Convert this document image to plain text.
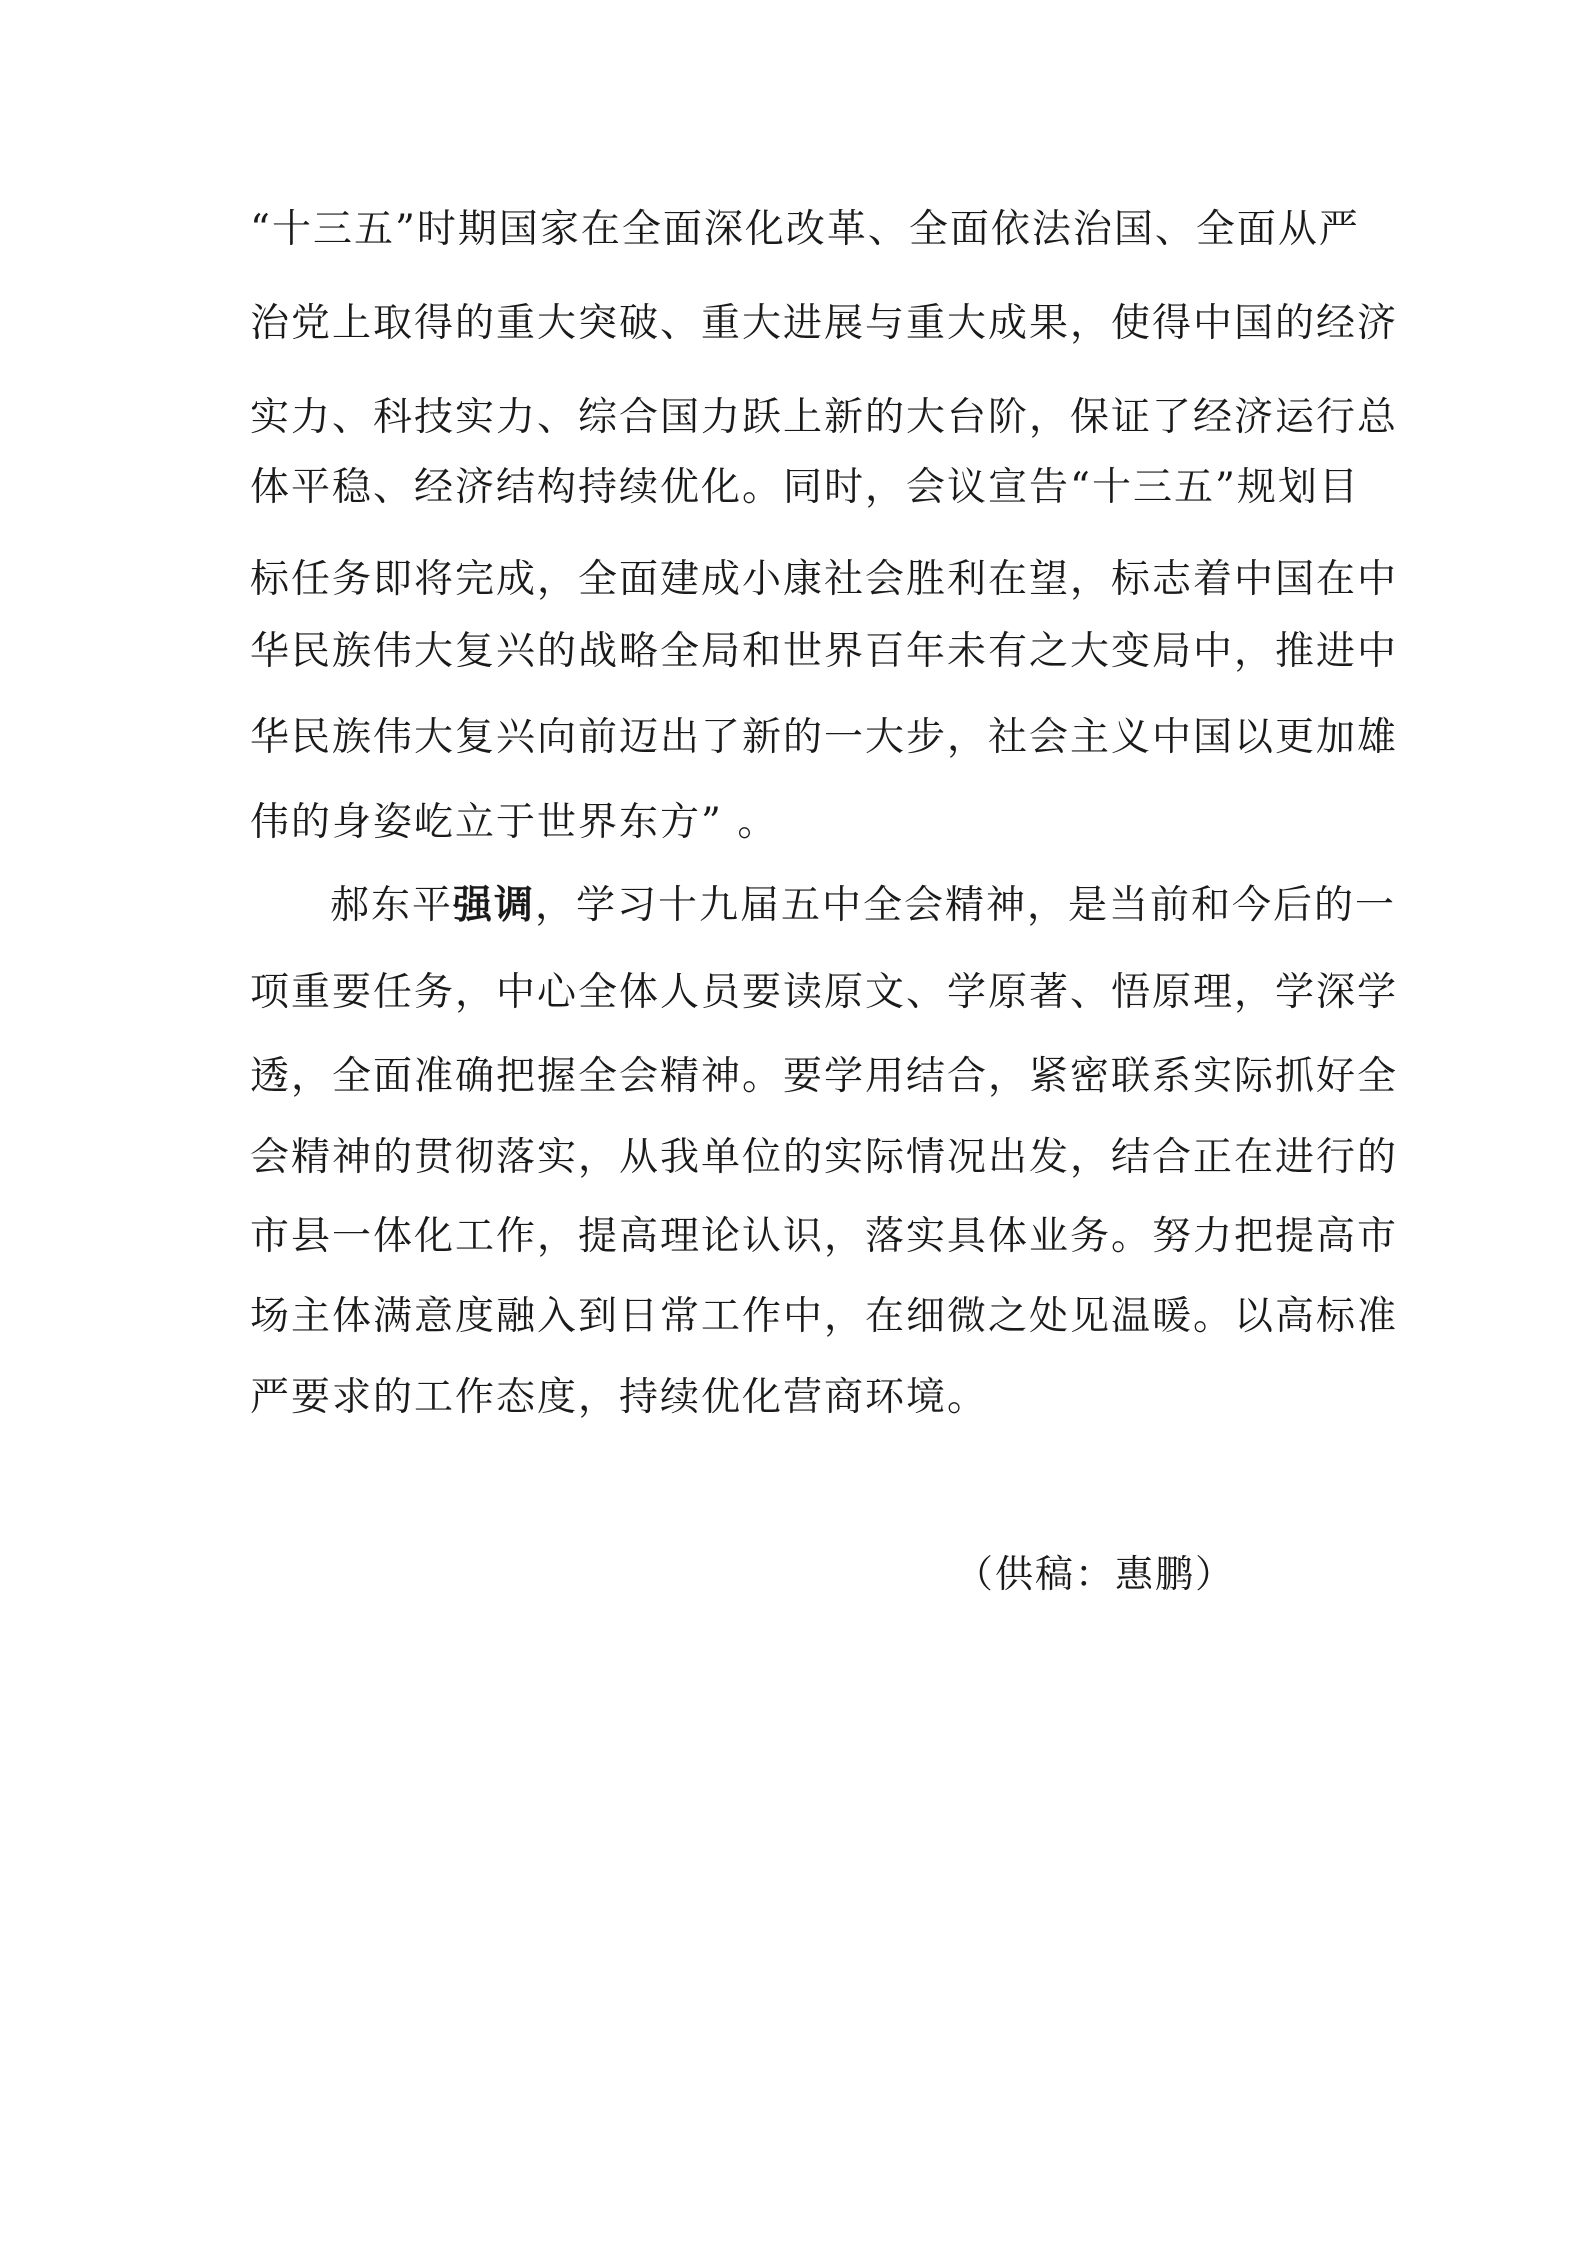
“十三五”时期国家在全面深化改革、全面依法治国、全面从严
治党上取得的重大突破、重大进展与重大成果，使得中国的经济
实力、科技实力、综合国力跃上新的大台阶，保证了经济运行总
体平稳、经济结构持续优化。同时，会议宣告“十三五”规划目
标任务即将完成，全面建成小康社会胜利在望，标志着中国在中
华民族伟大复兴的战略全局和世界百年未有之大变局中，推进中
华民族伟大复兴向前迈出了新的一大步，社会主义中国以更加雄
伟的身姿屹立于世界东方” 。
郝东平强调，学习十九届五中全会精神，是当前和今后的一
项重要任务，中心全体人员要读原文、学原著、悟原理，学深学
透，全面准确把握全会精神。要学用结合，紧密联系实际抓好全
会精神的贯彻落实，从我单位的实际情况出发，结合正在进行的
市县一体化工作，提高理论认识，落实具体业务。努力把提高市
场主体满意度融入到日常工作中，在细微之处见温暖。以高标准
严要求的工作态度，持续优化营商环境。
（供稿：惠鹏）
